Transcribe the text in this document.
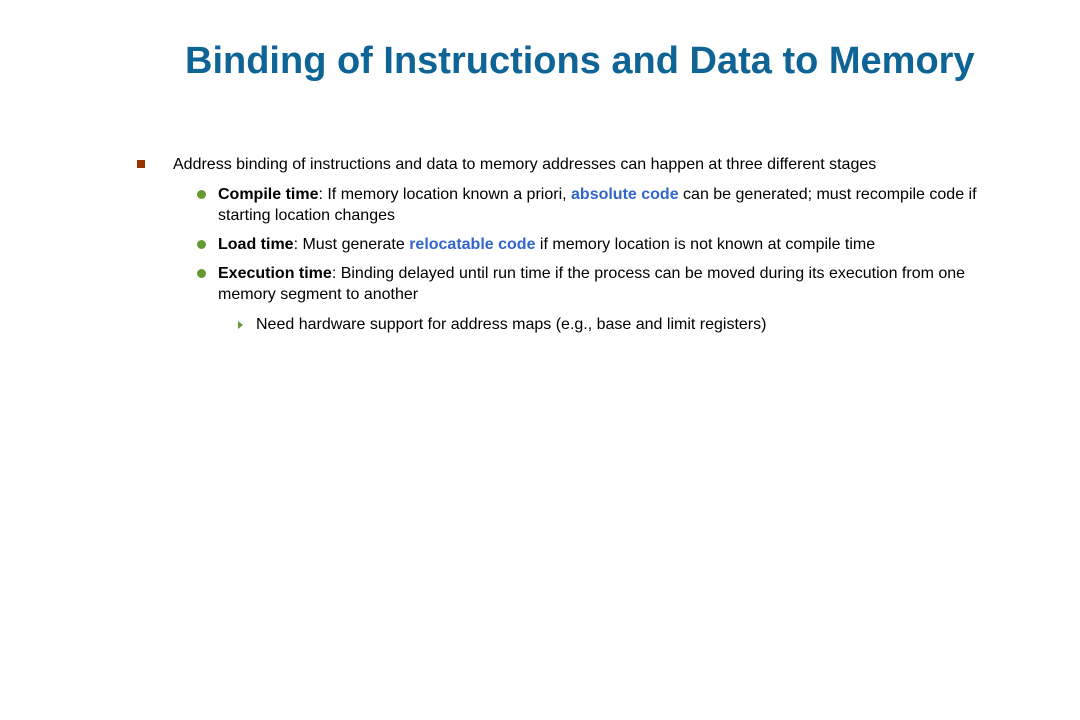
Binding of Instructions and Data to Memory
Address binding of instructions and data to memory addresses can happen at three different stages
Compile time: If memory location known a priori, absolute code can be generated; must recompile code if starting location changes
Load time: Must generate relocatable code if memory location is not known at compile time
Execution time: Binding delayed until run time if the process can be moved during its execution from one memory segment to another
Need hardware support for address maps (e.g., base and limit registers)
